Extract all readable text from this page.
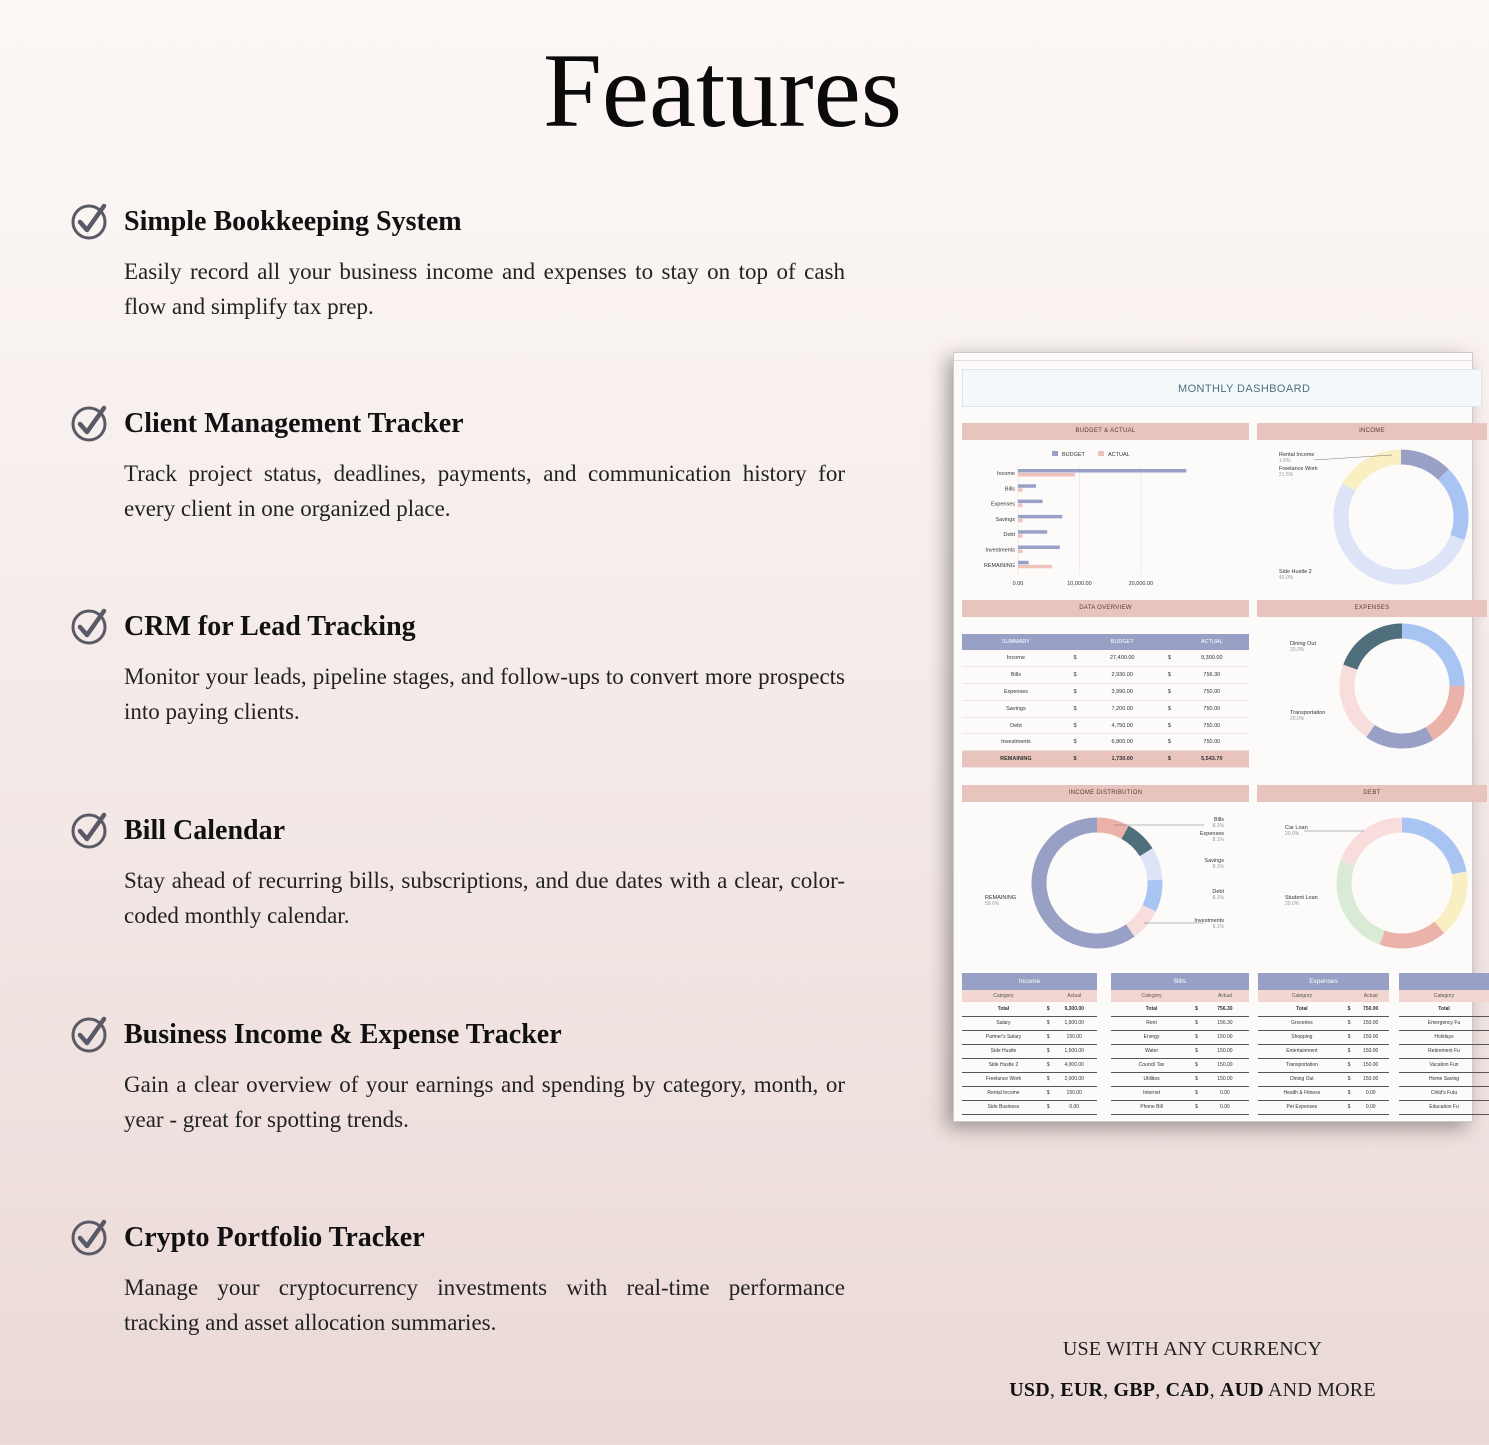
Features
Simple Bookkeeping System

Easily record all your business income and expenses to stay on top of cash flow and simplify tax prep.

Client Management Tracker

Track project status, deadlines, payments, and communication history for every client in one organized place.

CRM for Lead Tracking

Monitor your leads, pipeline stages, and follow-ups to convert more prospects into paying clients.

Bill Calendar

Stay ahead of recurring bills, subscriptions, and due dates with a clear, color-coded monthly calendar.

Business Income & Expense Tracker

Gain a clear overview of your earnings and spending by category, month, or year - great for spotting trends.

Crypto Portfolio Tracker

Manage your cryptocurrency investments with real-time performance tracking and asset allocation summaries.

USE WITH ANY CURRENCY
USD, EUR, GBP, CAD, AUD AND MORE
MONTHLY DASHBOARD
BUDGET & ACTUAL	INCOME
DATA OVERVIEW	EXPENSES
INCOME DISTRIBUTION	DEBT
BUDGET	ACTUAL
0.00	10,000.00	20,000.00
Income
Bills
Expenses
Savings
Debt
Investments
REMAINING
Rental Income
1.6%
Freelance Work
21.5%
Side Hustle 2
43.0%
Dining Out
20.0%
Transportation
20.0%
Bills
8.1%
Expenses
8.1%
Savings
8.1%
Debt
8.1%
Investments
8.1%
REMAINING
59.6%
Car Loan
20.0%
Student Loan
20.0%
SUMMARY		BUDGET		ACTUAL
Income	$	27,400.00	$	9,300.00
Bills	$	2,930.00	$	756.30
Expenses	$	3,990.00	$	750.00
Savings	$	7,200.00	$	750.00
Debt	$	4,750.00	$	750.00
Investments	$	6,800.00	$	750.00
REMAINING	$	1,730.00	$	5,543.70
Income		
Category		Actual
Total	$	9,300.00
Salary	$	1,500.00
Partner's Salary	$	150.00
Side Hustle	$	1,500.00
Side Hustle 2	$	4,000.00
Freelance Work	$	2,000.00
Rental Income	$	150.00
Side Business	$	0.00
Bills		
Category		Actual
Total	$	756.30
Rent	$	156.30
Energy	$	150.00
Water	$	150.00
Council Tax	$	150.00
Utilities	$	150.00
Internet	$	0.00
Phone Bill	$	0.00
Expenses		
Category		Actual
Total	$	750.00
Groceries	$	150.00
Shopping	$	150.00
Entertainment	$	150.00
Transportation	$	150.00
Dining Out	$	150.00
Health & Fitness	$	0.00
Pet Expenses	$	0.00

Category		
Total		
Emergency Fu		
Holidays		
Retirement Fu		
Vacation Fun		
Home Saving		
Child's Futu		
Education Fu		
